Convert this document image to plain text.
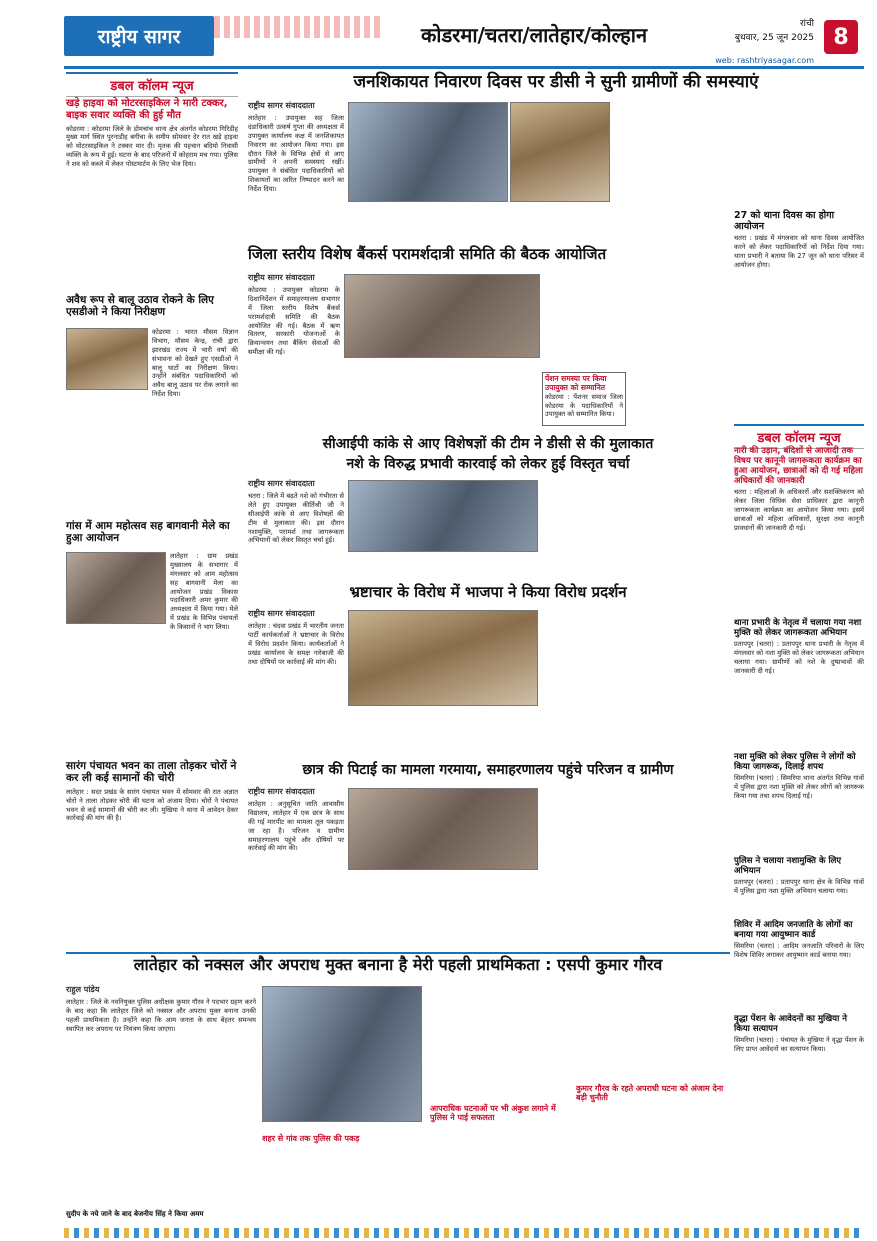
राष्ट्रीय सागर	कोडरमा/चतरा/लातेहार/कोल्हान	रांची
बुधवार, 25 जून 2025
web: rashtriyasagar.com
8
डबल कॉलम न्यूज
खड़े हाइवा को मोटरसाइकिल ने मारी टक्कर, बाइक सवार व्यक्ति की हुई मौत
कोडरमा : कोडरमा जिले के डोमचांच थाना क्षेत्र अंतर्गत कोडरमा गिरिडीह मुख्य मार्ग स्थित पुरनाडीह बगीचा के समीप सोमवार देर रात खड़े हाइवा को मोटरसाइकिल ने टक्कर मार दी। मृतक की पहचान बदियो निवासी व्यक्ति के रूप में हुई। घटना के बाद परिजनों में कोहराम मच गया। पुलिस ने शव को कब्जे में लेकर पोस्टमार्टम के लिए भेज दिया।
अवैध रूप से बालू उठाव रोकने के लिए एसडीओ ने किया निरीक्षण
कोडरमा : भारत मौसम विज्ञान विभाग, मौसम केन्द्र, रांची द्वारा झारखंड राज्य में भारी वर्षा की संभावना को देखते हुए एसडीओ ने बालू घाटों का निरीक्षण किया। उन्होंने संबंधित पदाधिकारियों को अवैध बालू उठाव पर रोक लगाने का निर्देश दिया।
गांस में आम महोत्सव सह बागवानी मेले का हुआ आयोजन
लातेहार : ग्राम प्रखंड मुख्यालय के सभागार में मंगलवार को आम महोत्सव सह बागवानी मेला का आयोजन प्रखंड विकास पदाधिकारी अमर कुमार की अध्यक्षता में किया गया। मेले में प्रखंड के विभिन्न पंचायतों के किसानों ने भाग लिया।
सारंग पंचायत भवन का ताला तोड़कर चोरों ने कर ली कई सामानों की चोरी
लातेहार : सदर प्रखंड के सारंग पंचायत भवन में सोमवार की रात अज्ञात चोरों ने ताला तोड़कर चोरी की घटना को अंजाम दिया। चोरों ने पंचायत भवन से कई सामानों की चोरी कर ली। मुखिया ने थाना में आवेदन देकर कार्रवाई की मांग की है।
जनशिकायत निवारण दिवस पर डीसी ने सुनी ग्रामीणों की समस्याएं
राष्ट्रीय सागर संवाददाता
लातेहार : उपायुक्त सह जिला दंडाधिकारी उत्कर्ष गुप्ता की अध्यक्षता में उपायुक्त कार्यालय कक्ष में जनशिकायत निवारण का आयोजन किया गया। इस दौरान जिले के विभिन्न क्षेत्रों से आए ग्रामीणों ने अपनी समस्याएं रखीं। उपायुक्त ने संबंधित पदाधिकारियों को शिकायतों का त्वरित निष्पादन करने का निर्देश दिया।
27 को थाना दिवस का होगा आयोजन
चतरा : प्रखंड में मंगलवार को थाना दिवस आयोजित करने को लेकर पदाधिकारियों को निर्देश दिया गया। थाना प्रभारी ने बताया कि 27 जून को थाना परिसर में आयोजन होगा।
जिला स्तरीय विशेष बैंकर्स परामर्शदात्री समिति की बैठक आयोजित
राष्ट्रीय सागर संवाददाता
कोडरमा : उपायुक्त कोडरमा के दिशानिर्देशन में समाहरणालय सभागार में जिला स्तरीय विशेष बैंकर्स परामर्शदात्री समिति की बैठक आयोजित की गई। बैठक में ऋण वितरण, सरकारी योजनाओं के क्रियान्वयन तथा बैंकिंग सेवाओं की समीक्षा की गई।
पेंशन समस्या पर किया उपायुक्त को सम्मानित
कोडरमा : पेंशनर समाज जिला कोडरमा के पदाधिकारियों ने उपायुक्त को सम्मानित किया।
सीआईपी कांके से आए विशेषज्ञों की टीम ने डीसी से की मुलाकात
नशे के विरुद्ध प्रभावी कारवाई को लेकर हुई विस्तृत चर्चा
राष्ट्रीय सागर संवाददाता
चतरा : जिले में बढ़ते नशे को गंभीरता से लेते हुए उपायुक्त कीर्तिश्री जी ने सीआईपी कांके से आए विशेषज्ञों की टीम से मुलाकात की। इस दौरान नशामुक्ति, परामर्श तथा जागरूकता अभियानों को लेकर विस्तृत चर्चा हुई।
डबल कॉलम न्यूज
नारी की उड़ान, बंदिशों से आजादी तक विषय पर कानूनी जागरूकता कार्यक्रम का हुआ आयोजन, छात्राओं को दी गई महिला अधिकारों की जानकारी
चतरा : महिलाओं के अधिकारों और सशक्तिकरण को लेकर जिला विधिक सेवा प्राधिकार द्वारा कानूनी जागरूकता कार्यक्रम का आयोजन किया गया। इसमें छात्राओं को महिला अधिकारों, सुरक्षा तथा कानूनी प्रावधानों की जानकारी दी गई।
थाना प्रभारी के नेतृत्व में चलाया गया नशा मुक्ति को लेकर जागरूकता अभियान
प्रतापपुर (चतरा) : प्रतापपुर थाना प्रभारी के नेतृत्व में मंगलवार को नशा मुक्ति को लेकर जागरूकता अभियान चलाया गया। ग्रामीणों को नशे के दुष्प्रभावों की जानकारी दी गई।
नशा मुक्ति को लेकर पुलिस ने लोगों को किया जागरूक, दिलाई शपथ
सिमरिया (चतरा) : सिमरिया थाना अंतर्गत विभिन्न गांवों में पुलिस द्वारा नशा मुक्ति को लेकर लोगों को जागरूक किया गया तथा शपथ दिलाई गई।
पुलिस ने चलाया नशामुक्ति के लिए अभियान
प्रतापपुर (चतरा) : प्रतापपुर थाना क्षेत्र के विभिन्न गांवों में पुलिस द्वारा नशा मुक्ति अभियान चलाया गया।
शिविर में आदिम जनजाति के लोगों का बनाया गया आयुष्मान कार्ड
सिमरिया (चतरा) : आदिम जनजाति परिवारों के लिए विशेष शिविर लगाकर आयुष्मान कार्ड बनाया गया।
वृद्धा पेंशन के आवेदनों का मुखिया ने किया सत्यापन
सिमरिया (चतरा) : पंचायत के मुखिया ने वृद्धा पेंशन के लिए प्राप्त आवेदनों का सत्यापन किया।
भ्रष्टाचार के विरोध में भाजपा ने किया विरोध प्रदर्शन
राष्ट्रीय सागर संवाददाता
लातेहार : चंदवा प्रखंड में भारतीय जनता पार्टी कार्यकर्ताओं ने भ्रष्टाचार के विरोध में विरोध प्रदर्शन किया। कार्यकर्ताओं ने प्रखंड कार्यालय के समक्ष नारेबाजी की तथा दोषियों पर कार्रवाई की मांग की।
छात्र की पिटाई का मामला गरमाया, समाहरणालय पहुंचे परिजन व ग्रामीण
राष्ट्रीय सागर संवाददाता
लातेहार : अनुसूचित जाति आवासीय विद्यालय, लातेहार में एक छात्र के साथ की गई मारपीट का मामला तूल पकड़ता जा रहा है। परिजन व ग्रामीण समाहरणालय पहुंचे और दोषियों पर कार्रवाई की मांग की।
लातेहार को नक्सल और अपराध मुक्त बनाना है मेरी पहली प्राथमिकता : एसपी कुमार गौरव
राहुल पांडेय
लातेहार : जिले के नवनियुक्त पुलिस अधीक्षक कुमार गौरव ने पदभार ग्रहण करने के बाद कहा कि लातेहार जिले को नक्सल और अपराध मुक्त बनाना उनकी पहली प्राथमिकता है। उन्होंने कहा कि आम जनता के साथ बेहतर समन्वय स्थापित कर अपराध पर नियंत्रण किया जाएगा।
शहर से गांव तक पुलिस की पकड़
आपराधिक घटनाओं पर भी अंकुश लगाने में पुलिस ने पाई सफलता
कुमार गौरव के रहते अपराधी घटना को अंजाम देना बड़ी चुनौती
सुदीप के नये जाने के बाद बेजनीय सिंह ने किया अमम
